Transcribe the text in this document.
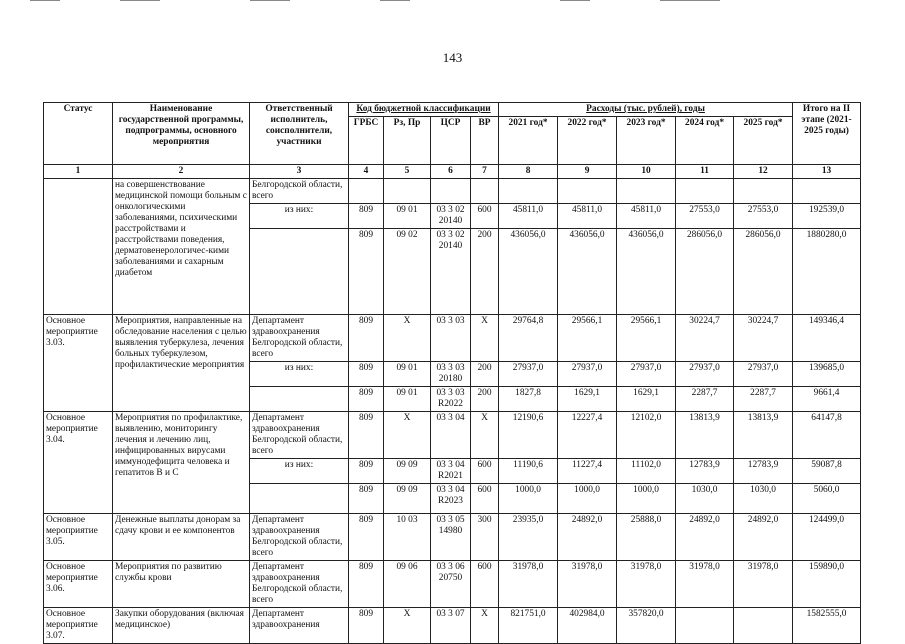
143
Статус	Наименование государственной программы, подпрограммы, основного мероприятия	Ответственный исполнитель, соисполнители, участники	Код бюджетной классификации				Расходы (тыс. рублей), годы					Итого на II этапе (2021-2025 годы)
			ГРБС	Рз, Пр	ЦСР	ВР	2021 год*	2022 год*	2023 год*	2024 год*	2025 год*	
1	2	3	4	5	6	7	8	9	10	11	12	13
	на совершенствование медицинской помощи больным с онкологическими заболеваниями, психическими расстройствами и расстройствами поведения, дерматовенерологичес-кими заболеваниями и сахарным диабетом	Белгородской области, всего										
		из них:	809	09 01	03 3 02 20140	600	45811,0	45811,0	45811,0	27553,0	27553,0	192539,0
			809	09 02	03 3 02 20140	200	436056,0	436056,0	436056,0	286056,0	286056,0	1880280,0
Основное мероприятие 3.03.	Мероприятия, направленные на обследование населения с целью выявления туберкулеза, лечения больных туберкулезом, профилактические мероприятия	Департамент здравоохранения Белгородской области, всего	809	X	03 3 03	X	29764,8	29566,1	29566,1	30224,7	30224,7	149346,4
		из них:	809	09 01	03 3 03 20180	200	27937,0	27937,0	27937,0	27937,0	27937,0	139685,0
			809	09 01	03 3 03 R2022	200	1827,8	1629,1	1629,1	2287,7	2287,7	9661,4
Основное мероприятие 3.04.	Мероприятия по профилактике, выявлению, мониторингу лечения и лечению лиц, инфицированных вирусами иммунодефицита человека и гепатитов В и С	Департамент здравоохранения Белгородской области, всего	809	X	03 3 04	X	12190,6	12227,4	12102,0	13813,9	13813,9	64147,8
		из них:	809	09 09	03 3 04 R2021	600	11190,6	11227,4	11102,0	12783,9	12783,9	59087,8
			809	09 09	03 3 04 R2023	600	1000,0	1000,0	1000,0	1030,0	1030,0	5060,0
Основное мероприятие 3.05.	Денежные выплаты донорам за сдачу крови и ее компонентов	Департамент здравоохранения Белгородской области, всего	809	10 03	03 3 05 14980	300	23935,0	24892,0	25888,0	24892,0	24892,0	124499,0
Основное мероприятие 3.06.	Мероприятия по развитию службы крови	Департамент здравоохранения Белгородской области, всего	809	09 06	03 3 06 20750	600	31978,0	31978,0	31978,0	31978,0	31978,0	159890,0
Основное мероприятие 3.07.	Закупки оборудования (включая медицинское)	Департамент здравоохранения	809	X	03 3 07	X	821751,0	402984,0	357820,0			1582555,0
